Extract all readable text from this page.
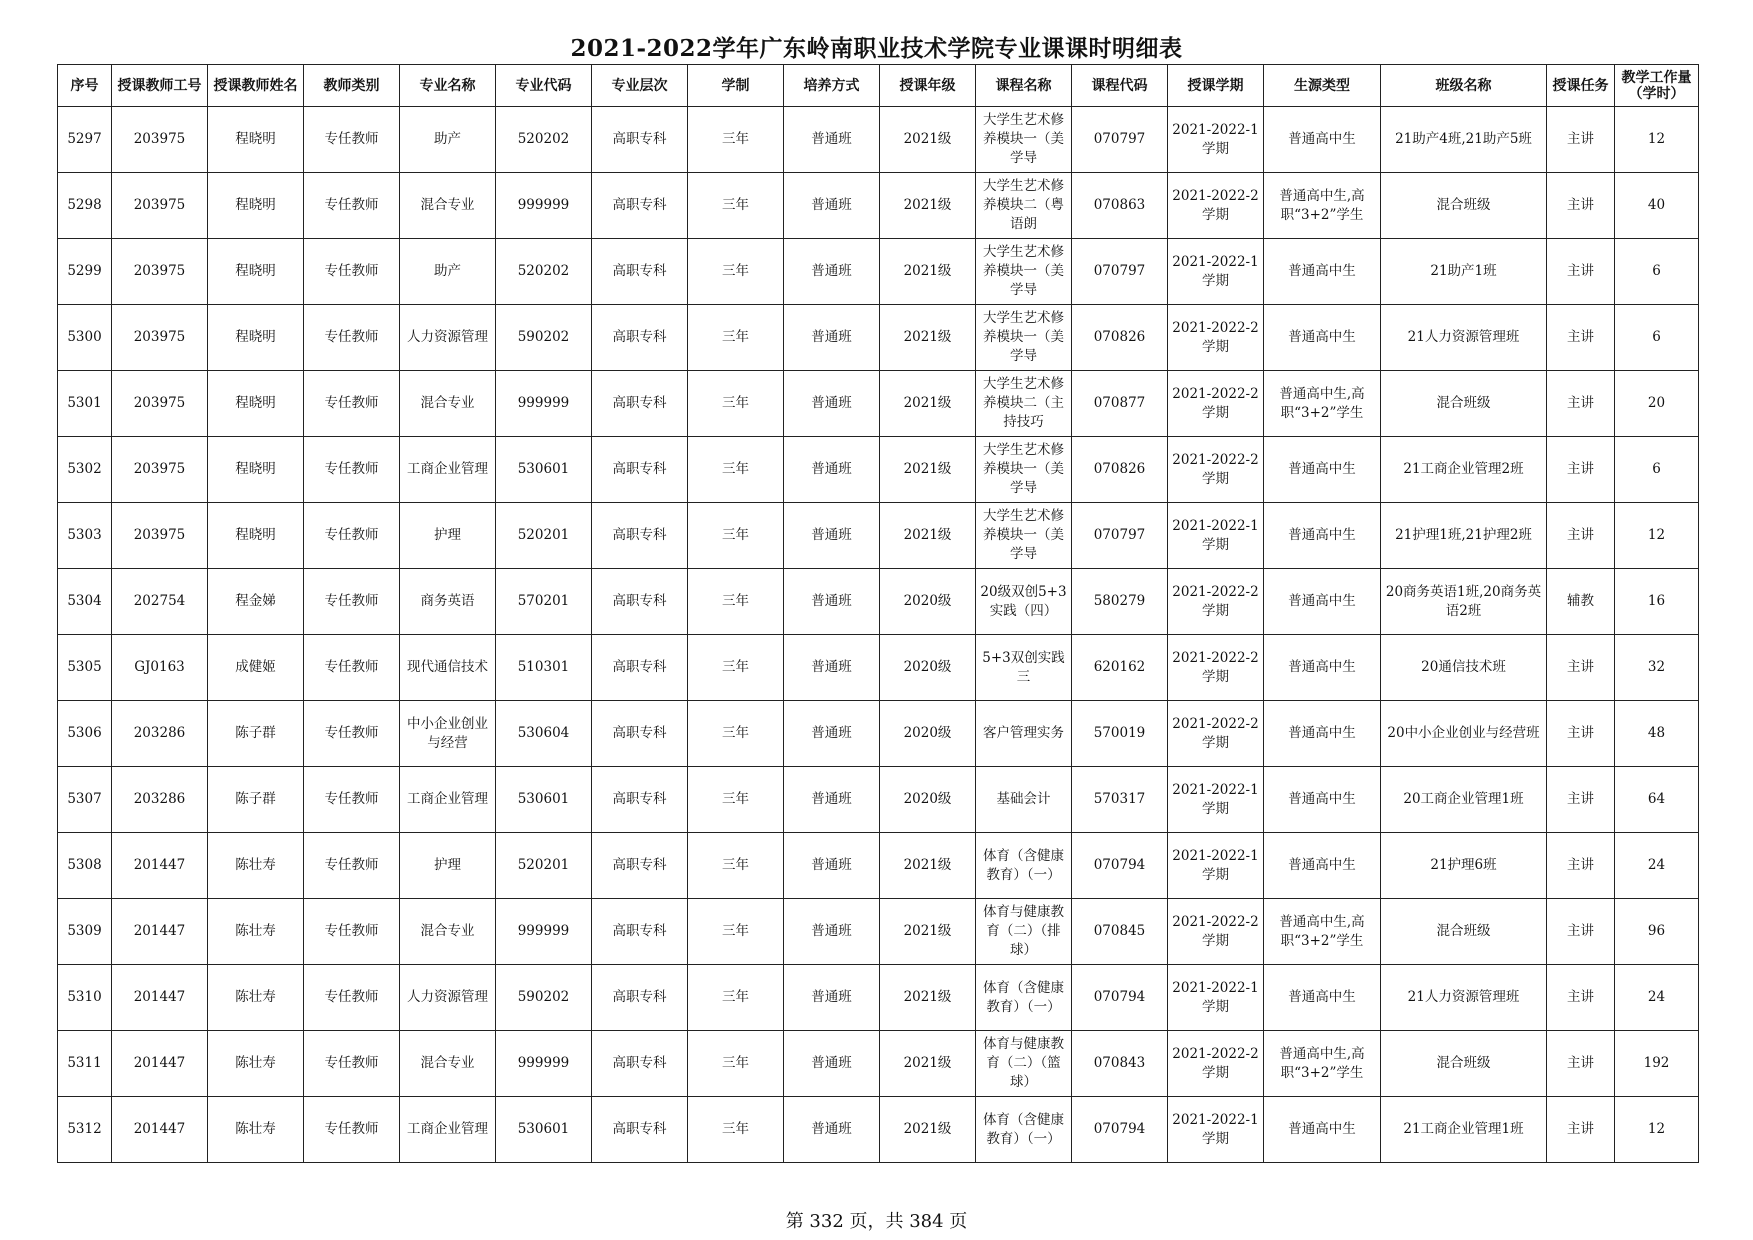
2021-2022学年广东岭南职业技术学院专业课课时明细表
序号	授课教师工号	授课教师姓名	教师类别	专业名称	专业代码	专业层次	学制	培养方式	授课年级	课程名称	课程代码	授课学期	生源类型	班级名称	授课任务	教学工作量（学时）

5297	203975	程晓明	专任教师	助产	520202	高职专科	三年	普通班	2021级	大学生艺术修养模块一（美学导	070797	2021-2022-1学期	普通高中生	21助产4班,21助产5班	主讲	12

5298	203975	程晓明	专任教师	混合专业	999999	高职专科	三年	普通班	2021级	大学生艺术修养模块二（粤语朗	070863	2021-2022-2学期	普通高中生,高职“3+2”学生	混合班级	主讲	40

5299	203975	程晓明	专任教师	助产	520202	高职专科	三年	普通班	2021级	大学生艺术修养模块一（美学导	070797	2021-2022-1学期	普通高中生	21助产1班	主讲	6

5300	203975	程晓明	专任教师	人力资源管理	590202	高职专科	三年	普通班	2021级	大学生艺术修养模块一（美学导	070826	2021-2022-2学期	普通高中生	21人力资源管理班	主讲	6

5301	203975	程晓明	专任教师	混合专业	999999	高职专科	三年	普通班	2021级	大学生艺术修养模块二（主持技巧	070877	2021-2022-2学期	普通高中生,高职“3+2”学生	混合班级	主讲	20

5302	203975	程晓明	专任教师	工商企业管理	530601	高职专科	三年	普通班	2021级	大学生艺术修养模块一（美学导	070826	2021-2022-2学期	普通高中生	21工商企业管理2班	主讲	6

5303	203975	程晓明	专任教师	护理	520201	高职专科	三年	普通班	2021级	大学生艺术修养模块一（美学导	070797	2021-2022-1学期	普通高中生	21护理1班,21护理2班	主讲	12

5304	202754	程金娣	专任教师	商务英语	570201	高职专科	三年	普通班	2020级	20级双创5+3实践（四）	580279	2021-2022-2学期	普通高中生	20商务英语1班,20商务英语2班	辅教	16

5305	GJ0163	成健姬	专任教师	现代通信技术	510301	高职专科	三年	普通班	2020级	5+3双创实践三	620162	2021-2022-2学期	普通高中生	20通信技术班	主讲	32

5306	203286	陈子群	专任教师	中小企业创业与经营	530604	高职专科	三年	普通班	2020级	客户管理实务	570019	2021-2022-2学期	普通高中生	20中小企业创业与经营班	主讲	48

5307	203286	陈子群	专任教师	工商企业管理	530601	高职专科	三年	普通班	2020级	基础会计	570317	2021-2022-1学期	普通高中生	20工商企业管理1班	主讲	64

5308	201447	陈壮寿	专任教师	护理	520201	高职专科	三年	普通班	2021级	体育（含健康教育）（一）	070794	2021-2022-1学期	普通高中生	21护理6班	主讲	24

5309	201447	陈壮寿	专任教师	混合专业	999999	高职专科	三年	普通班	2021级	体育与健康教育（二）（排球）	070845	2021-2022-2学期	普通高中生,高职“3+2”学生	混合班级	主讲	96

5310	201447	陈壮寿	专任教师	人力资源管理	590202	高职专科	三年	普通班	2021级	体育（含健康教育）（一）	070794	2021-2022-1学期	普通高中生	21人力资源管理班	主讲	24

5311	201447	陈壮寿	专任教师	混合专业	999999	高职专科	三年	普通班	2021级	体育与健康教育（二）（篮球）	070843	2021-2022-2学期	普通高中生,高职“3+2”学生	混合班级	主讲	192

5312	201447	陈壮寿	专任教师	工商企业管理	530601	高职专科	三年	普通班	2021级	体育（含健康教育）（一）	070794	2021-2022-1学期	普通高中生	21工商企业管理1班	主讲	12
第 332 页，共 384 页
